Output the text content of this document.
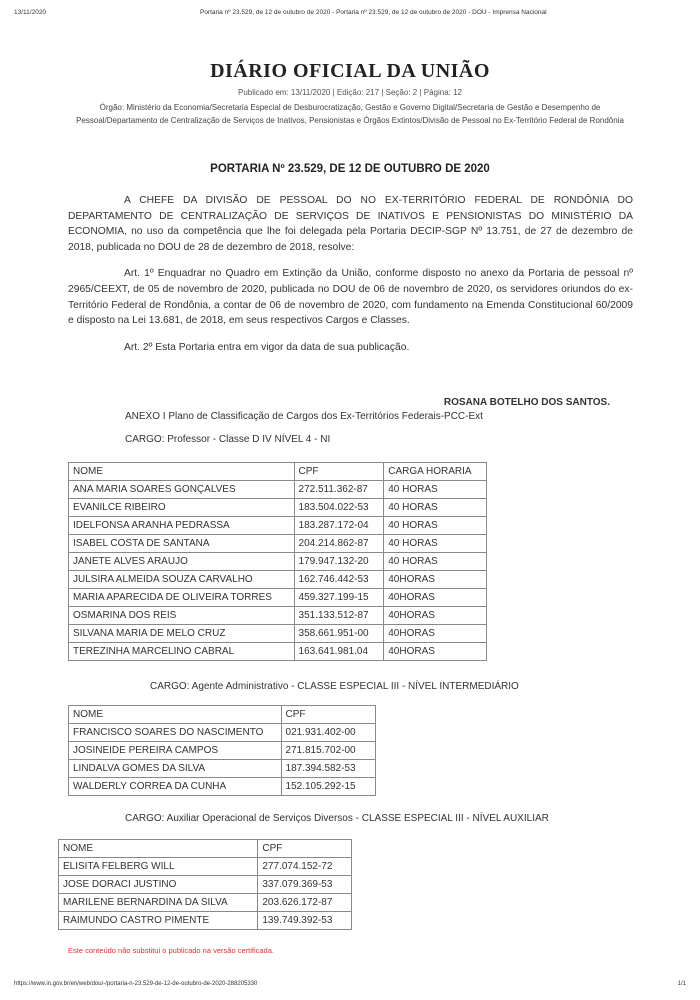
13/11/2020	Portaria nº 23.529, de 12 de outubro de 2020 - Portaria nº 23.529, de 12 de outubro de 2020 - DOU - Imprensa Nacional
DIÁRIO OFICIAL DA UNIÃO
Publicado em: 13/11/2020 | Edição: 217 | Seção: 2 | Página: 12
Órgão: Ministério da Economia/Secretaria Especial de Desburocratização, Gestão e Governo Digital/Secretaria de Gestão e Desempenho de Pessoal/Departamento de Centralização de Serviços de Inativos, Pensionistas e Órgãos Extintos/Divisão de Pessoal no Ex-Território Federal de Rondônia
PORTARIA Nº 23.529, DE 12 DE OUTUBRO DE 2020

A CHEFE DA DIVISÃO DE PESSOAL DO NO EX-TERRITÓRIO FEDERAL DE RONDÔNIA DO DEPARTAMENTO DE CENTRALIZAÇÃO DE SERVIÇOS DE INATIVOS E PENSIONISTAS DO MINISTÉRIO DA ECONOMIA, no uso da competência que lhe foi delegada pela Portaria DECIP-SGP Nº 13.751, de 27 de dezembro de 2018, publicada no DOU de 28 de dezembro de 2018, resolve:

Art. 1º Enquadrar no Quadro em Extinção da União, conforme disposto no anexo da Portaria de pessoal nº 2965/CEEXT, de 05 de novembro de 2020, publicada no DOU de 06 de novembro de 2020, os servidores oriundos do ex-Território Federal de Rondônia, a contar de 06 de novembro de 2020, com fundamento na Emenda Constitucional 60/2009 e disposto na Lei 13.681, de 2018, em seus respectivos Cargos e Classes.

Art. 2º Esta Portaria entra em vigor da data de sua publicação.

ROSANA BOTELHO DOS SANTOS.
ANEXO I Plano de Classificação de Cargos dos Ex-Territórios Federais-PCC-Ext
CARGO: Professor - Classe D IV NÍVEL 4 - NI
NOME	CPF	CARGA HORARIA
ANA MARIA SOARES GONÇALVES	272.511.362-87	40 HORAS
EVANILCE RIBEIRO	183.504.022-53	40 HORAS
IDELFONSA ARANHA PEDRASSA	183.287.172-04	40 HORAS
ISABEL COSTA DE SANTANA	204.214.862-87	40 HORAS
JANETE ALVES ARAUJO	179.947.132-20	40 HORAS
JULSIRA ALMEIDA SOUZA CARVALHO	162.746.442-53	40HORAS
MARIA APARECIDA DE OLIVEIRA TORRES	459.327.199-15	40HORAS
OSMARINA DOS REIS	351.133.512-87	40HORAS
SILVANA MARIA DE MELO CRUZ	358.661.951-00	40HORAS
TEREZINHA MARCELINO CABRAL	163.641.981.04	40HORAS
CARGO: Agente Administrativo - CLASSE ESPECIAL III - NÍVEL INTERMEDIÁRIO
NOME	CPF
FRANCISCO SOARES DO NASCIMENTO	021.931.402-00
JOSINEIDE PEREIRA CAMPOS	271.815.702-00
LINDALVA GOMES DA SILVA	187.394.582-53
WALDERLY CORREA DA CUNHA	152.105.292-15
CARGO: Auxiliar Operacional de Serviços Diversos - CLASSE ESPECIAL III - NÍVEL AUXILIAR
NOME	CPF
ELISITA FELBERG WILL	277.074.152-72
JOSE DORACI JUSTINO	337.079.369-53
MARILENE BERNARDINA DA SILVA	203.626.172-87
RAIMUNDO CASTRO PIMENTE	139.749.392-53
Este conteúdo não substitui o publicado na versão certificada.
https://www.in.gov.br/en/web/dou/-/portaria-n-23.529-de-12-de-outubro-de-2020-288205330	1/1
